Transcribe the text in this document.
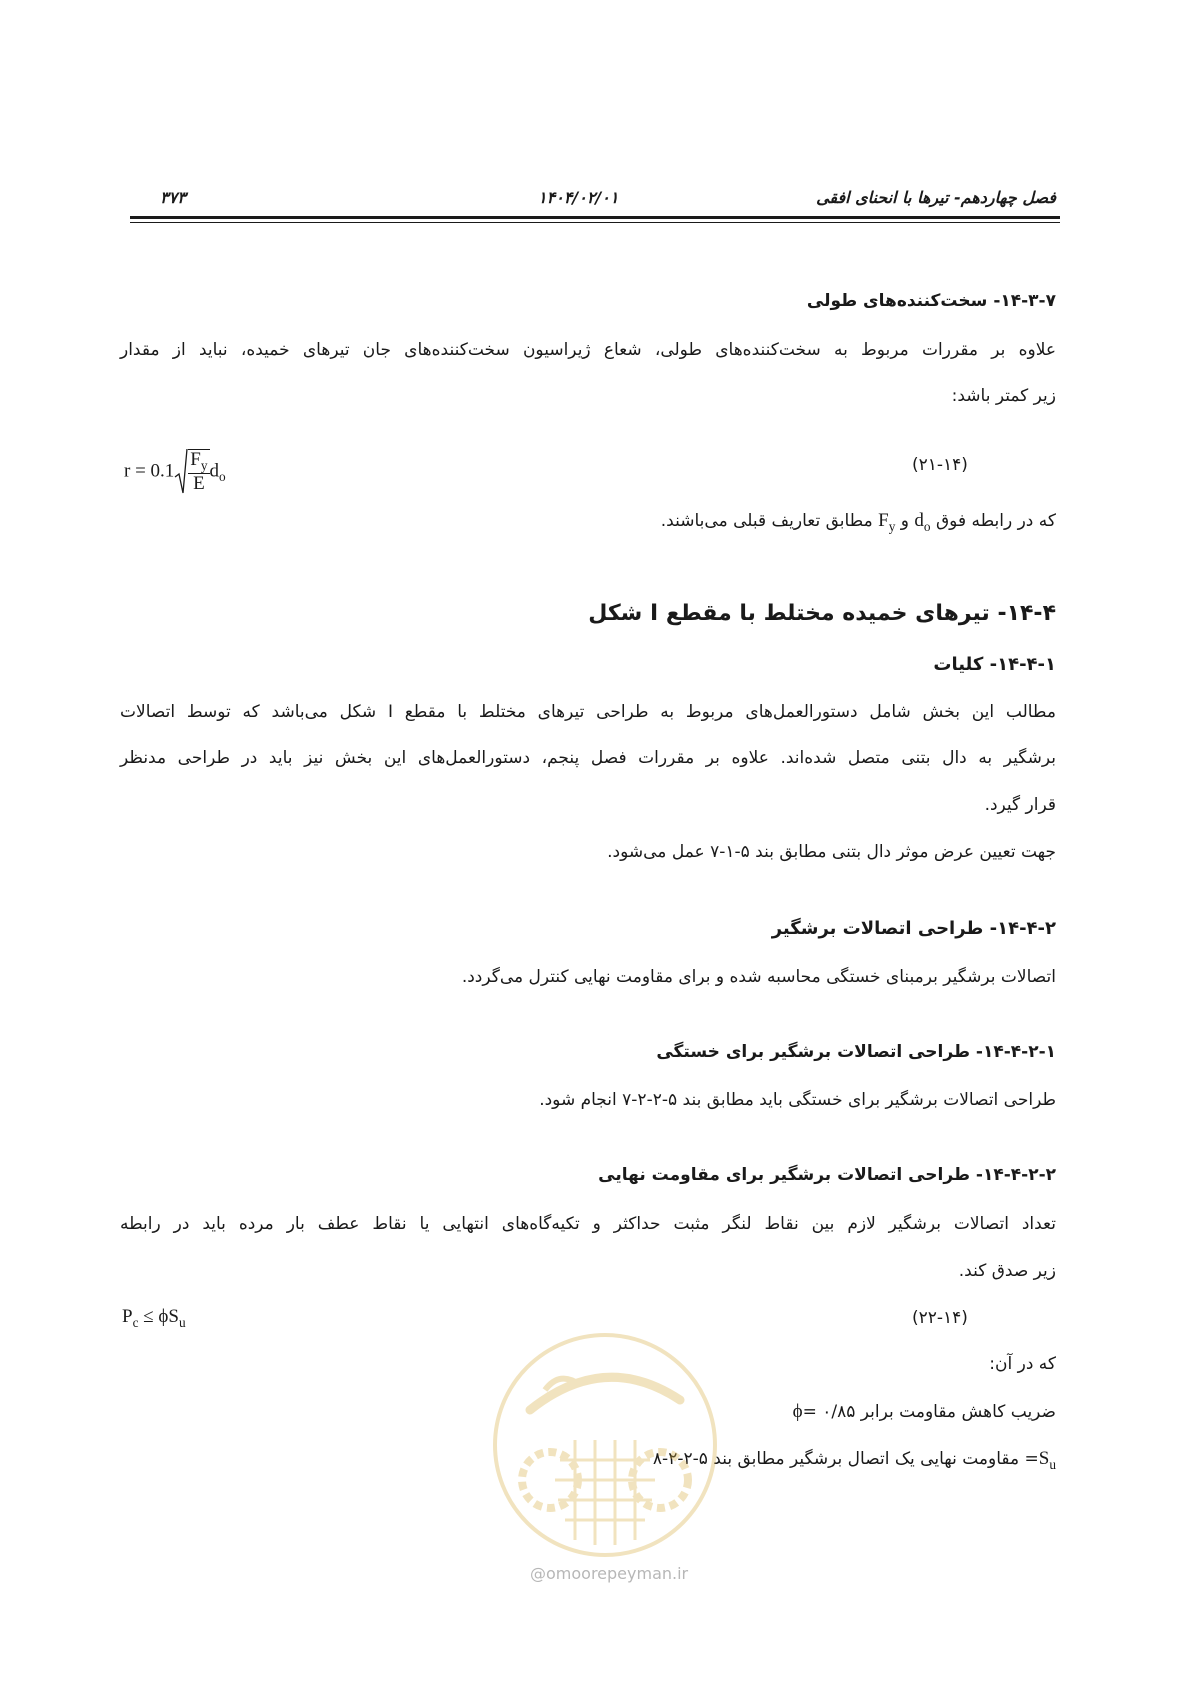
۳۷۳	۱۴۰۴/۰۲/۰۱	فصل چهاردهم- تیرها با انحنای افقی
۱۴-۳-۷- سخت‌کننده‌های طولی
علاوه بر مقررات مربوط به سخت‌کننده‌های طولی، شعاع ژیراسیون سخت‌کننده‌های جان تیرهای خمیده، نباید از مقدار
زیر کمتر باشد:
$r = 0.1 \frac{F_y}{E} d_o$
(۲۱-۱۴)
که در رابطه فوق $d_o$ و $F_y$ مطابق تعاریف قبلی می‌باشند.
۱۴-۴- تیرهای خمیده مختلط با مقطع I شکل
۱۴-۴-۱- کلیات
مطالب این بخش شامل دستورالعمل‌های مربوط به طراحی تیرهای مختلط با مقطع I شکل می‌باشد که توسط اتصالات
برشگیر به دال بتنی متصل شده‌اند. علاوه بر مقررات فصل پنجم، دستورالعمل‌های این بخش نیز باید در طراحی مدنظر
قرار گیرد.
جهت تعیین عرض موثر دال بتنی مطابق بند ۵-۱-۷ عمل می‌شود.
۱۴-۴-۲- طراحی اتصالات برشگیر
اتصالات برشگیر برمبنای خستگی محاسبه شده و برای مقاومت نهایی کنترل می‌گردد.
۱۴-۴-۲-۱- طراحی اتصالات برشگیر برای خستگی
طراحی اتصالات برشگیر برای خستگی باید مطابق بند ۵-۲-۲-۷ انجام شود.
۱۴-۴-۲-۲- طراحی اتصالات برشگیر برای مقاومت نهایی
تعداد اتصالات برشگیر لازم بین نقاط لنگر مثبت حداکثر و تکیه‌گاه‌های انتهایی یا نقاط عطف بار مرده باید در رابطه
زیر صدق کند.
$P_c \le \phi S_u$	(۲۲-۱۴)
که در آن:
ϕ= ضریب کاهش مقاومت برابر ۰/۸۵
$S_u=$ مقاومت نهایی یک اتصال برشگیر مطابق بند ۵-۲-۲-۸
@omoorepeyman.ir
